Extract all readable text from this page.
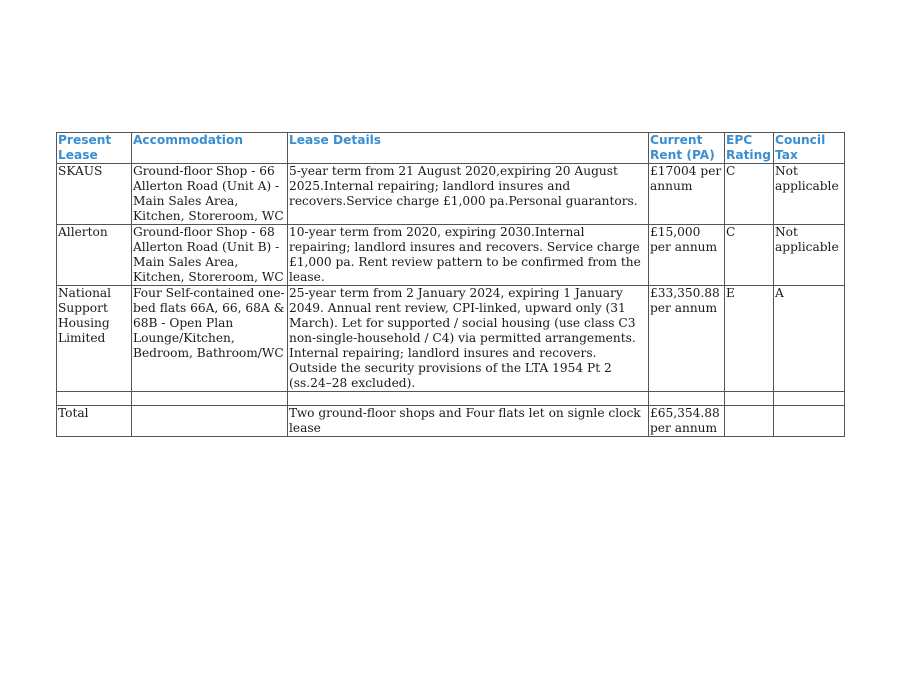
Present Lease	Accommodation	Lease Details	Current Rent (PA)	EPC Rating	Council Tax
SKAUS	Ground-floor Shop - 66 Allerton Road (Unit A) - Main Sales Area, Kitchen, Storeroom, WC	5-year term from 21 August 2020,expiring 20 August 2025.Internal repairing; landlord insures and recovers.Service charge £1,000 pa.Personal guarantors.	£17004 per annum	C	Not applicable
Allerton	Ground-floor Shop - 68 Allerton Road (Unit B) - Main Sales Area, Kitchen, Storeroom, WC	10-year term from 2020, expiring 2030.Internal repairing; landlord insures and recovers. Service charge £1,000 pa. Rent review pattern to be confirmed from the lease.	£15,000 per annum	C	Not applicable
National Support Housing Limited	Four Self-contained one-bed flats 66A, 66, 68A & 68B - Open Plan Lounge/Kitchen, Bedroom, Bathroom/WC	25-year term from 2 January 2024, expiring 1 January 2049. Annual rent review, CPI-linked, upward only (31 March). Let for supported / social housing (use class C3 non-single-household / C4) via permitted arrangements. Internal repairing; landlord insures and recovers. Outside the security provisions of the LTA 1954 Pt 2 (ss.24–28 excluded).	£33,350.88 per annum	E	A

Total		Two ground-floor shops and Four flats let on signle clock lease	£65,354.88 per annum		
